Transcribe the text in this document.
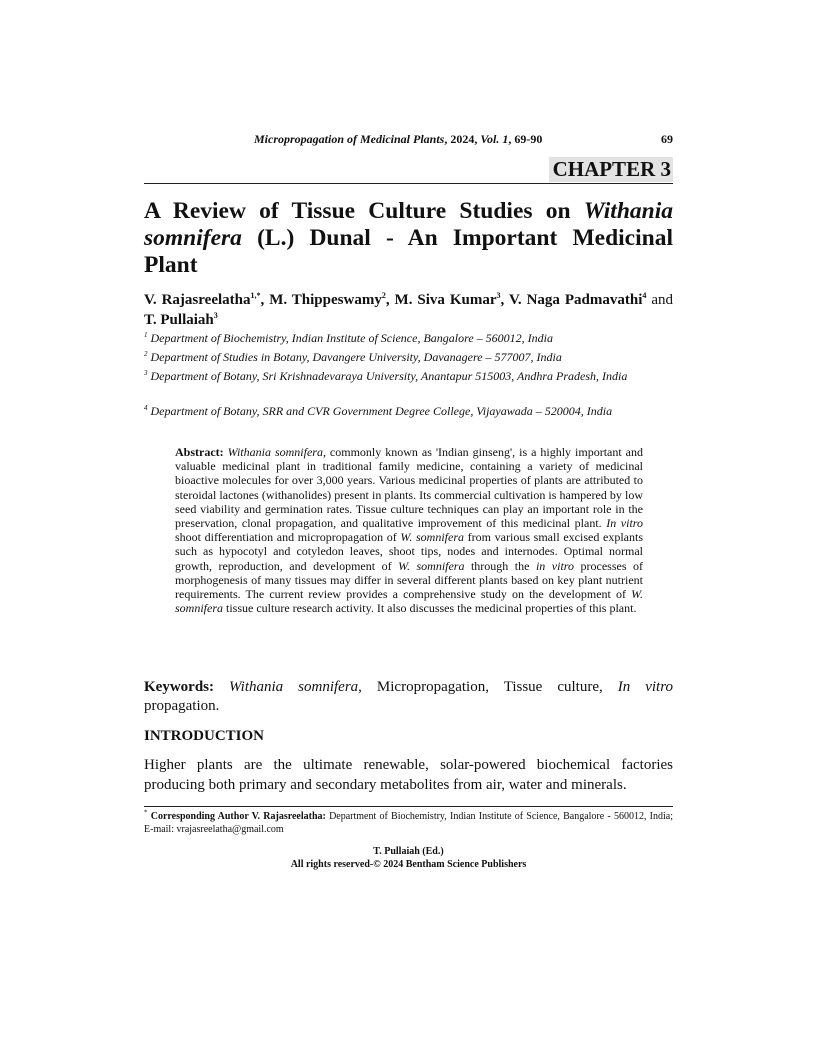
Micropropagation of Medicinal Plants, 2024, Vol. 1, 69-90	69
CHAPTER 3
A Review of Tissue Culture Studies on Withania somnifera (L.) Dunal - An Important Medicinal Plant
V. Rajasreelatha$^{1,*}$, M. Thippeswamy$^2$, M. Siva Kumar$^3$, V. Naga Padmavathi$^4$ and T. Pullaiah$^3$
$^1$ Department of Biochemistry, Indian Institute of Science, Bangalore – 560012, India
$^2$ Department of Studies in Botany, Davangere University, Davanagere – 577007, India
$^3$ Department of Botany, Sri Krishnadevaraya University, Anantapur 515003, Andhra Pradesh, India
$^4$ Department of Botany, SRR and CVR Government Degree College, Vijayawada – 520004, India
Abstract: Withania somnifera, commonly known as 'Indian ginseng', is a highly important and valuable medicinal plant in traditional family medicine, containing a variety of medicinal bioactive molecules for over 3,000 years. Various medicinal properties of plants are attributed to steroidal lactones (withanolides) present in plants. Its commercial cultivation is hampered by low seed viability and germination rates. Tissue culture techniques can play an important role in the preservation, clonal propagation, and qualitative improvement of this medicinal plant. In vitro shoot differentiation and micropropagation of W. somnifera from various small excised explants such as hypocotyl and cotyledon leaves, shoot tips, nodes and internodes. Optimal normal growth, reproduction, and development of W. somnifera through the in vitro processes of morphogenesis of many tissues may differ in several different plants based on key plant nutrient requirements. The current review provides a comprehensive study on the development of W. somnifera tissue culture research activity. It also discusses the medicinal properties of this plant.
Keywords: Withania somnifera, Micropropagation, Tissue culture, In vitro propagation.
INTRODUCTION
Higher plants are the ultimate renewable, solar-powered biochemical factories producing both primary and secondary metabolites from air, water and minerals.
* Corresponding Author V. Rajasreelatha: Department of Biochemistry, Indian Institute of Science, Bangalore - 560012, India; E-mail: vrajasreelatha@gmail.com
T. Pullaiah (Ed.)
All rights reserved-© 2024 Bentham Science Publishers
